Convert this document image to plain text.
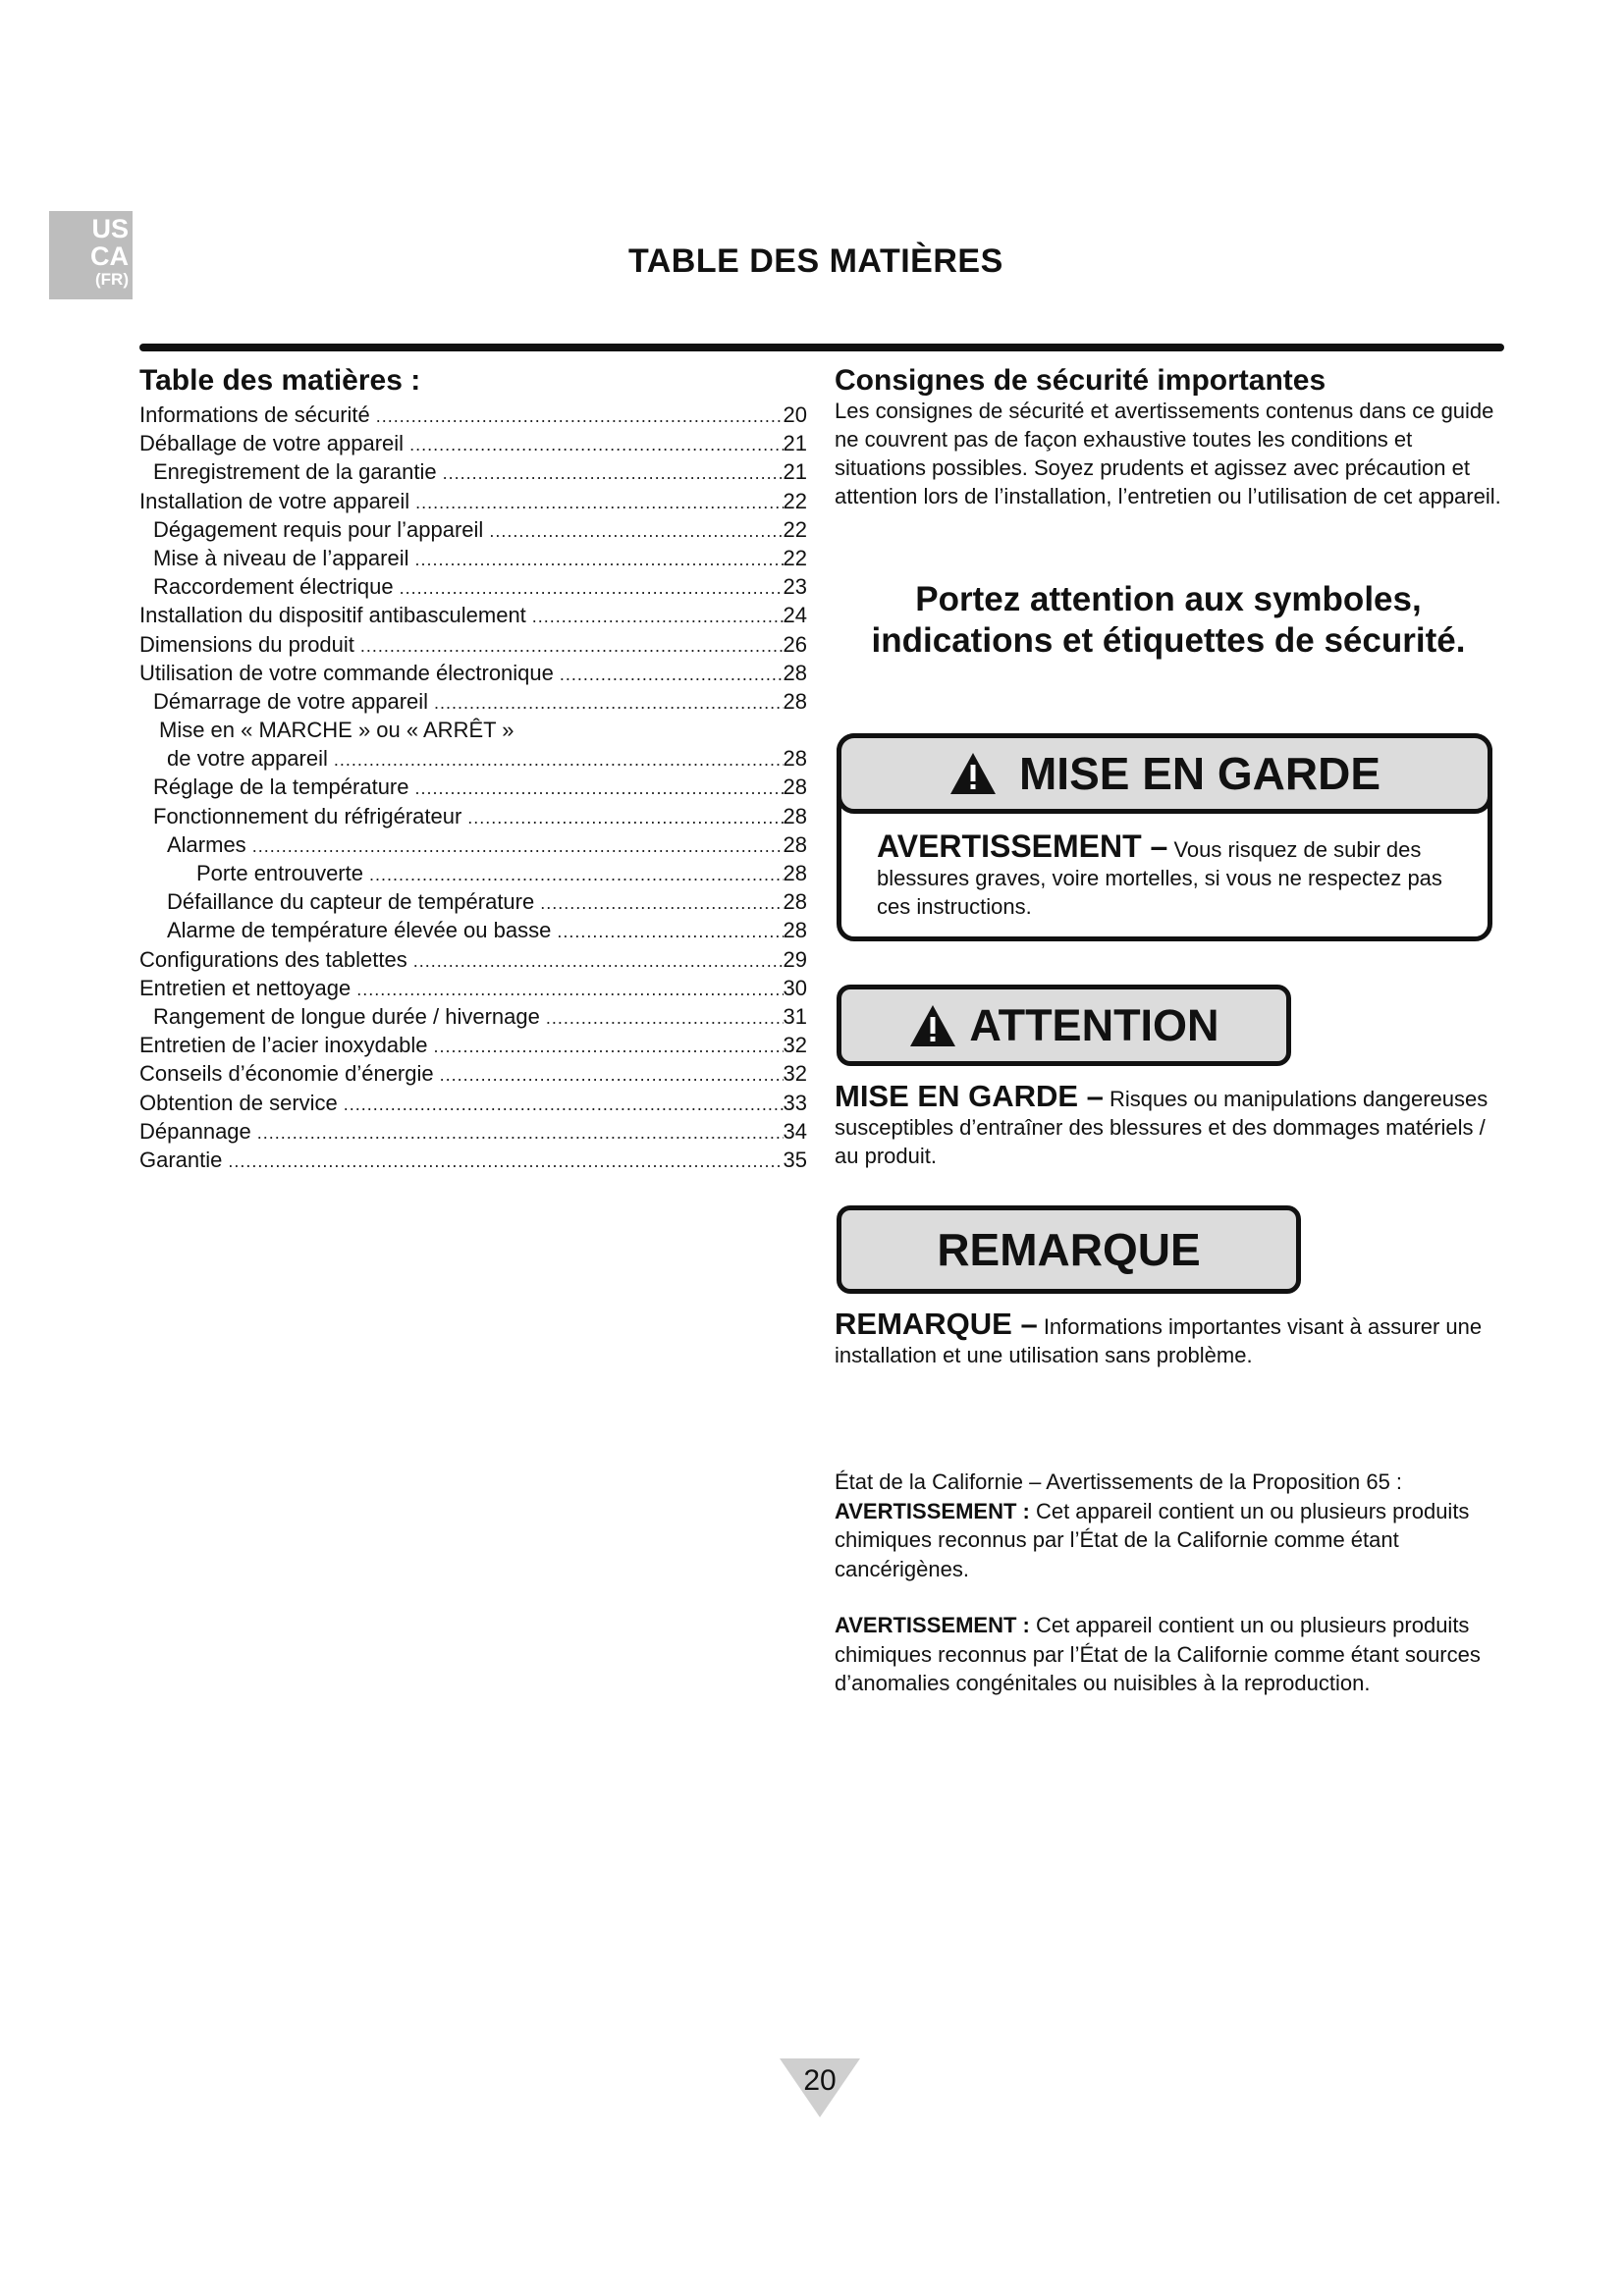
US
CA
(FR)	TABLE DES MATIÈRES
Table des matières :
Informations de sécurité .....	20
Déballage de votre appareil .....	21
Enregistrement de la garantie .....	21
Installation de votre appareil .....	22
Dégagement requis pour l’appareil .....	22
Mise à niveau de l’appareil .....	22
Raccordement électrique .....	23
Installation du dispositif antibasculement .....	24
Dimensions du produit .....	26
Utilisation de votre commande électronique .....	28
Démarrage de votre appareil .....	28
Mise en « MARCHE » ou « ARRÊT »
de votre appareil .....	28
Réglage de la température .....	28
Fonctionnement du réfrigérateur .....	28
Alarmes .....	28
Porte entrouverte .....	28
Défaillance du capteur de température .....	28
Alarme de température élevée ou basse .....	28
Configurations des tablettes .....	29
Entretien et nettoyage .....	30
Rangement de longue durée / hivernage .....	31
Entretien de l’acier inoxydable .....	32
Conseils d’économie d’énergie .....	32
Obtention de service .....	33
Dépannage .....	34
Garantie .....	35
Consignes de sécurité importantes
Les consignes de sécurité et avertissements contenus dans ce guide ne couvrent pas de façon exhaustive toutes les conditions et situations possibles. Soyez prudents et agissez avec précaution et attention lors de l’installation, l’entretien ou l’utilisation de cet appareil.
Portez attention aux symboles,
indications et étiquettes de sécurité.
MISE EN GARDE
AVERTISSEMENT – Vous risquez de subir des blessures graves, voire mortelles, si vous ne respectez pas ces instructions.
ATTENTION
MISE EN GARDE – Risques ou manipulations dangereuses susceptibles d’entraîner des blessures et des dommages matériels / au produit.
REMARQUE
REMARQUE – Informations importantes visant à assurer une installation et une utilisation sans problème.

État de la Californie – Avertissements de la Proposition 65 :
AVERTISSEMENT : Cet appareil contient un ou plusieurs produits chimiques reconnus par l’État de la Californie comme étant cancérigènes.

AVERTISSEMENT : Cet appareil contient un ou plusieurs produits chimiques reconnus par l’État de la Californie comme étant sources d’anomalies congénitales ou nuisibles à la reproduction.

20
